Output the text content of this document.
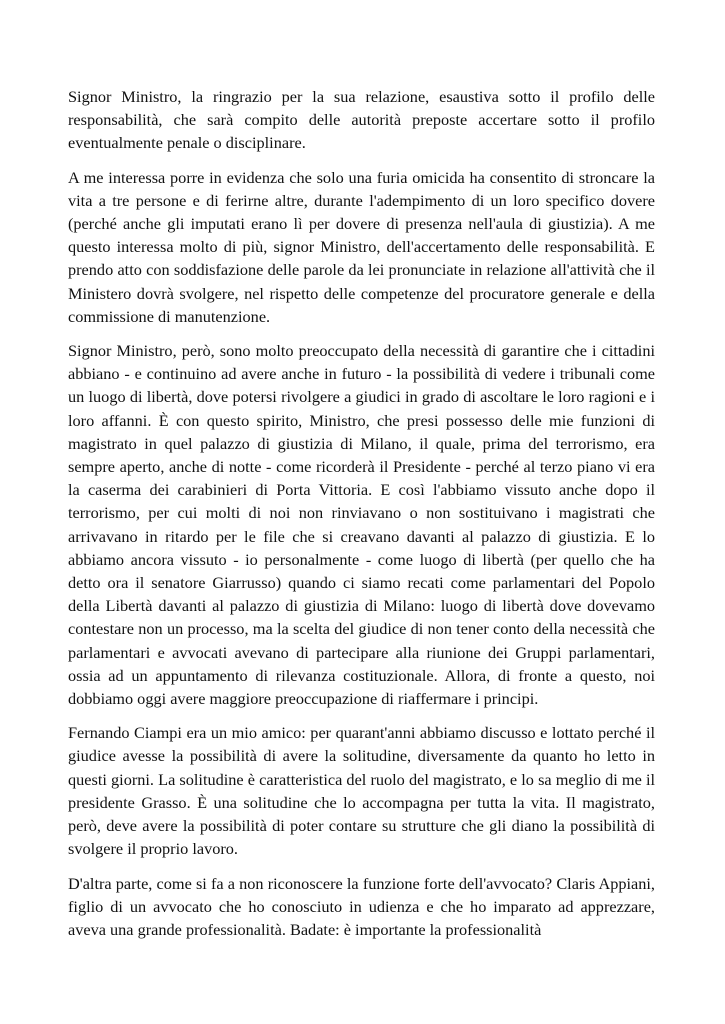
Signor Ministro, la ringrazio per la sua relazione, esaustiva sotto il profilo delle responsabilità, che sarà compito delle autorità preposte accertare sotto il profilo eventualmente penale o disciplinare.

A me interessa porre in evidenza che solo una furia omicida ha consentito di stroncare la vita a tre persone e di ferirne altre, durante l'adempimento di un loro specifico dovere (perché anche gli imputati erano lì per dovere di presenza nell'aula di giustizia). A me questo interessa molto di più, signor Ministro, dell'accertamento delle responsabilità. E prendo atto con soddisfazione delle parole da lei pronunciate in relazione all'attività che il Ministero dovrà svolgere, nel rispetto delle competenze del procuratore generale e della commissione di manutenzione.

Signor Ministro, però, sono molto preoccupato della necessità di garantire che i cittadini abbiano - e continuino ad avere anche in futuro - la possibilità di vedere i tribunali come un luogo di libertà, dove potersi rivolgere a giudici in grado di ascoltare le loro ragioni e i loro affanni. È con questo spirito, Ministro, che presi possesso delle mie funzioni di magistrato in quel palazzo di giustizia di Milano, il quale, prima del terrorismo, era sempre aperto, anche di notte - come ricorderà il Presidente - perché al terzo piano vi era la caserma dei carabinieri di Porta Vittoria. E così l'abbiamo vissuto anche dopo il terrorismo, per cui molti di noi non rinviavano o non sostituivano i magistrati che arrivavano in ritardo per le file che si creavano davanti al palazzo di giustizia. E lo abbiamo ancora vissuto - io personalmente - come luogo di libertà (per quello che ha detto ora il senatore Giarrusso) quando ci siamo recati come parlamentari del Popolo della Libertà davanti al palazzo di giustizia di Milano: luogo di libertà dove dovevamo contestare non un processo, ma la scelta del giudice di non tener conto della necessità che parlamentari e avvocati avevano di partecipare alla riunione dei Gruppi parlamentari, ossia ad un appuntamento di rilevanza costituzionale. Allora, di fronte a questo, noi dobbiamo oggi avere maggiore preoccupazione di riaffermare i principi.

Fernando Ciampi era un mio amico: per quarant'anni abbiamo discusso e lottato perché il giudice avesse la possibilità di avere la solitudine, diversamente da quanto ho letto in questi giorni. La solitudine è caratteristica del ruolo del magistrato, e lo sa meglio di me il presidente Grasso. È una solitudine che lo accompagna per tutta la vita. Il magistrato, però, deve avere la possibilità di poter contare su strutture che gli diano la possibilità di svolgere il proprio lavoro.

D'altra parte, come si fa a non riconoscere la funzione forte dell'avvocato? Claris Appiani, figlio di un avvocato che ho conosciuto in udienza e che ho imparato ad apprezzare, aveva una grande professionalità. Badate: è importante la professionalità
